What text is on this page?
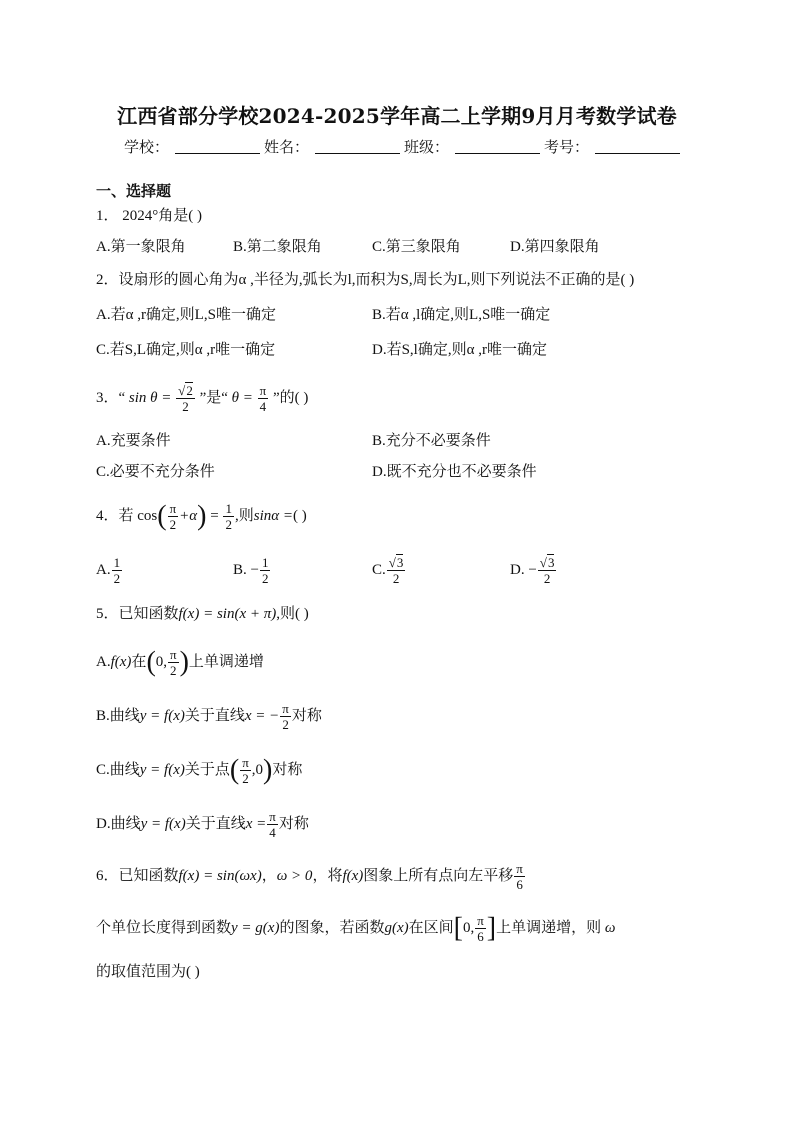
江西省部分学校2024-2025学年高二上学期9月月考数学试卷
学校：	姓名：	班级：	考号：
一、选择题
1． 2024°角是( )
A.第一象限角	B.第二象限角	C.第三象限角	D.第四象限角
2．设扇形的圆心角为α ,半径为,弧长为l,而积为S,周长为L,则下列说法不正确的是( )
A.若α ,r确定,则L,S唯一确定	B.若α ,l确定,则L,S唯一确定
C.若S,L确定,则α ,r唯一确定	D.若S,l确定,则α ,r唯一确定
3．“ $\sin \theta = \frac{√2}{2}$ ”是“ $\theta = \frac{\pi}{4}$ ”的( )
A.充要条件	B.充分不必要条件
C.必要不充分条件	D.既不充分也不必要条件
4．若 $\cos( \frac{\pi}{2} +\alpha) = \frac{1}{2}$ ,则sinα =( )
A. $\frac{1}{2}$	B. − $\frac{1}{2}$	C. $\frac{√3}{2}$	D. − $\frac{√3}{2}$
5．已知函数f(x) = sin(x + π),则( )
A.f(x)在(0, $\frac{\pi}{2}$ )上单调递增
B.曲线y = f(x)关于直线x = − $\frac{\pi}{2}$ 对称
C.曲线y = f(x)关于点( $\frac{\pi}{2} ,0$)对称
D.曲线y = f(x)关于直线$x = \frac{\pi}{4}$ 对称
6．已知函数f(x) = sin(ωx)，ω > 0，将f(x)图象上所有点向左平移 $\frac{\pi}{6}$
个单位长度得到函数y = g(x)的图象，若函数g(x)在区间[0, $\frac{\pi}{6}$ ]上单调递增，则 ω
的取值范围为( )
